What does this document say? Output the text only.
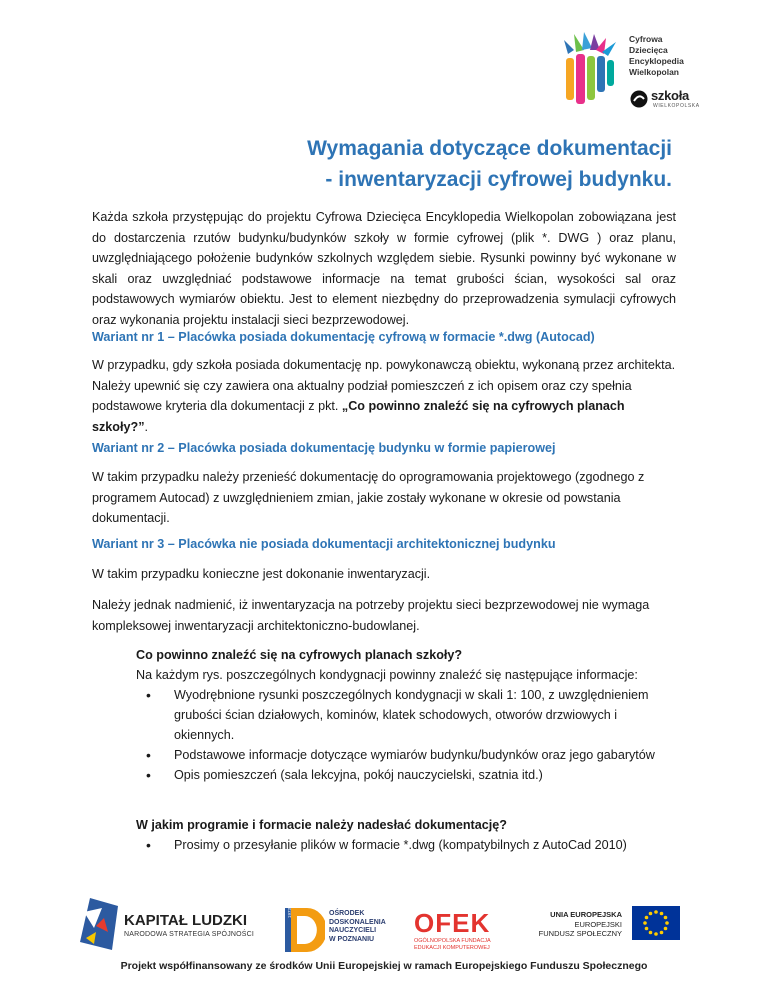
Cyfrowa
Dziecięca
Encyklopedia
Wielkopolan
szkoła
WIELKOPOLSKA
Wymagania dotyczące dokumentacji
- inwentaryzacji cyfrowej budynku.
Każda szkoła przystępując do projektu Cyfrowa Dziecięca Encyklopedia Wielkopolan zobowiązana jest do dostarczenia rzutów budynku/budynków szkoły w formie cyfrowej (plik *. DWG ) oraz planu, uwzględniającego położenie budynków szkolnych względem siebie. Rysunki powinny być wykonane w skali oraz uwzględniać podstawowe informacje na temat grubości ścian, wysokości sal oraz podstawowych wymiarów obiektu. Jest to element niezbędny do przeprowadzenia symulacji cyfrowych oraz wykonania projektu instalacji sieci bezprzewodowej.
Wariant nr 1 – Placówka posiada dokumentację cyfrową w formacie *.dwg (Autocad)
W przypadku, gdy szkoła posiada dokumentację np. powykonawczą obiektu, wykonaną przez architekta. Należy upewnić się czy zawiera ona aktualny podział pomieszczeń z ich opisem oraz czy spełnia podstawowe kryteria dla dokumentacji z pkt. „Co powinno znaleźć się na cyfrowych planach szkoły?”.
Wariant nr 2 – Placówka posiada dokumentację budynku w formie papierowej
W takim przypadku należy przenieść dokumentację do oprogramowania projektowego (zgodnego z programem Autocad) z uwzględnieniem zmian, jakie zostały wykonane w okresie od powstania dokumentacji.
Wariant nr 3 – Placówka nie posiada dokumentacji architektonicznej budynku
W takim przypadku konieczne jest dokonanie inwentaryzacji.
Należy jednak nadmienić, iż inwentaryzacja na potrzeby projektu sieci bezprzewodowej nie wymaga kompleksowej inwentaryzacji architektoniczno-budowlanej.
Co powinno znaleźć się na cyfrowych planach szkoły?
Na każdym rys. poszczególnych kondygnacji powinny znaleźć się następujące informacje:
• Wyodrębnione rysunki poszczególnych kondygnacji w skali 1: 100, z uwzględnieniem grubości ścian działowych, kominów, klatek schodowych, otworów drzwiowych i okiennych.
• Podstawowe informacje dotyczące wymiarów budynku/budynków oraz jego gabarytów
• Opis pomieszczeń (sala lekcyjna, pokój nauczycielski, szatnia itd.)
W jakim programie i formacie należy nadesłać dokumentację?
• Prosimy o przesyłanie plików w formacie *.dwg (kompatybilnych z AutoCad 2010)
KAPITAŁ LUDZKI
NARODOWA STRATEGIA SPÓJNOŚCI
1973–2013	OŚRODEK
DOSKONALENIA
NAUCZYCIELI
W POZNANIU
OFEK
OGÓLNOPOLSKA FUNDACJA
EDUKACJI KOMPUTEROWEJ
UNIA EUROPEJSKA
EUROPEJSKI
FUNDUSZ SPOŁECZNY
Projekt współfinansowany ze środków Unii Europejskiej w ramach Europejskiego Funduszu Społecznego
